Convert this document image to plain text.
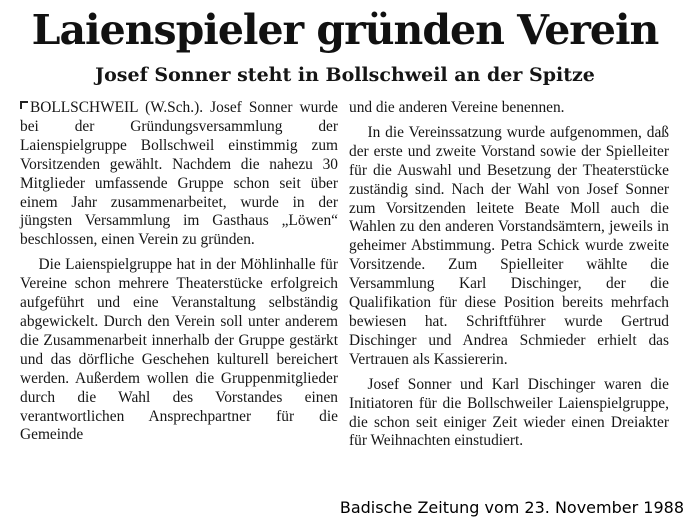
Laienspieler gründen Verein
Josef Sonner steht in Bollschweil an der Spitze

BOLLSCHWEIL (W.Sch.). Josef Sonner wurde bei der Gründungsversammlung der Laienspielgruppe Bollschweil einstimmig zum Vorsitzenden gewählt. Nachdem die nahezu 30 Mitglieder umfassende Gruppe schon seit über einem Jahr zusammenarbeitet, wurde in der jüngsten Versammlung im Gasthaus „Löwen“ beschlossen, einen Verein zu gründen.

Die Laienspielgruppe hat in der Möhlinhalle für Vereine schon mehrere Theaterstücke erfolgreich aufgeführt und eine Veranstaltung selbständig abgewickelt. Durch den Verein soll unter anderem die Zusammenarbeit innerhalb der Gruppe gestärkt und das dörfliche Geschehen kulturell bereichert werden. Außerdem wollen die Gruppenmitglieder durch die Wahl des Vorstandes einen verantwortlichen Ansprechpartner für die Gemeinde

und die anderen Vereine benennen.

In die Vereinssatzung wurde aufgenommen, daß der erste und zweite Vorstand sowie der Spielleiter für die Auswahl und Besetzung der Theaterstücke zuständig sind. Nach der Wahl von Josef Sonner zum Vorsitzenden leitete Beate Moll auch die Wahlen zu den anderen Vorstandsämtern, jeweils in geheimer Abstimmung. Petra Schick wurde zweite Vorsitzende. Zum Spielleiter wählte die Versammlung Karl Dischinger, der die Qualifikation für diese Position bereits mehrfach bewiesen hat. Schriftführer wurde Gertrud Dischinger und Andrea Schmieder erhielt das Vertrauen als Kassiererin.

Josef Sonner und Karl Dischinger waren die Initiatoren für die Bollschweiler Laienspielgruppe, die schon seit einiger Zeit wieder einen Dreiakter für Weihnachten einstudiert.

Badische Zeitung vom 23. November 1988
